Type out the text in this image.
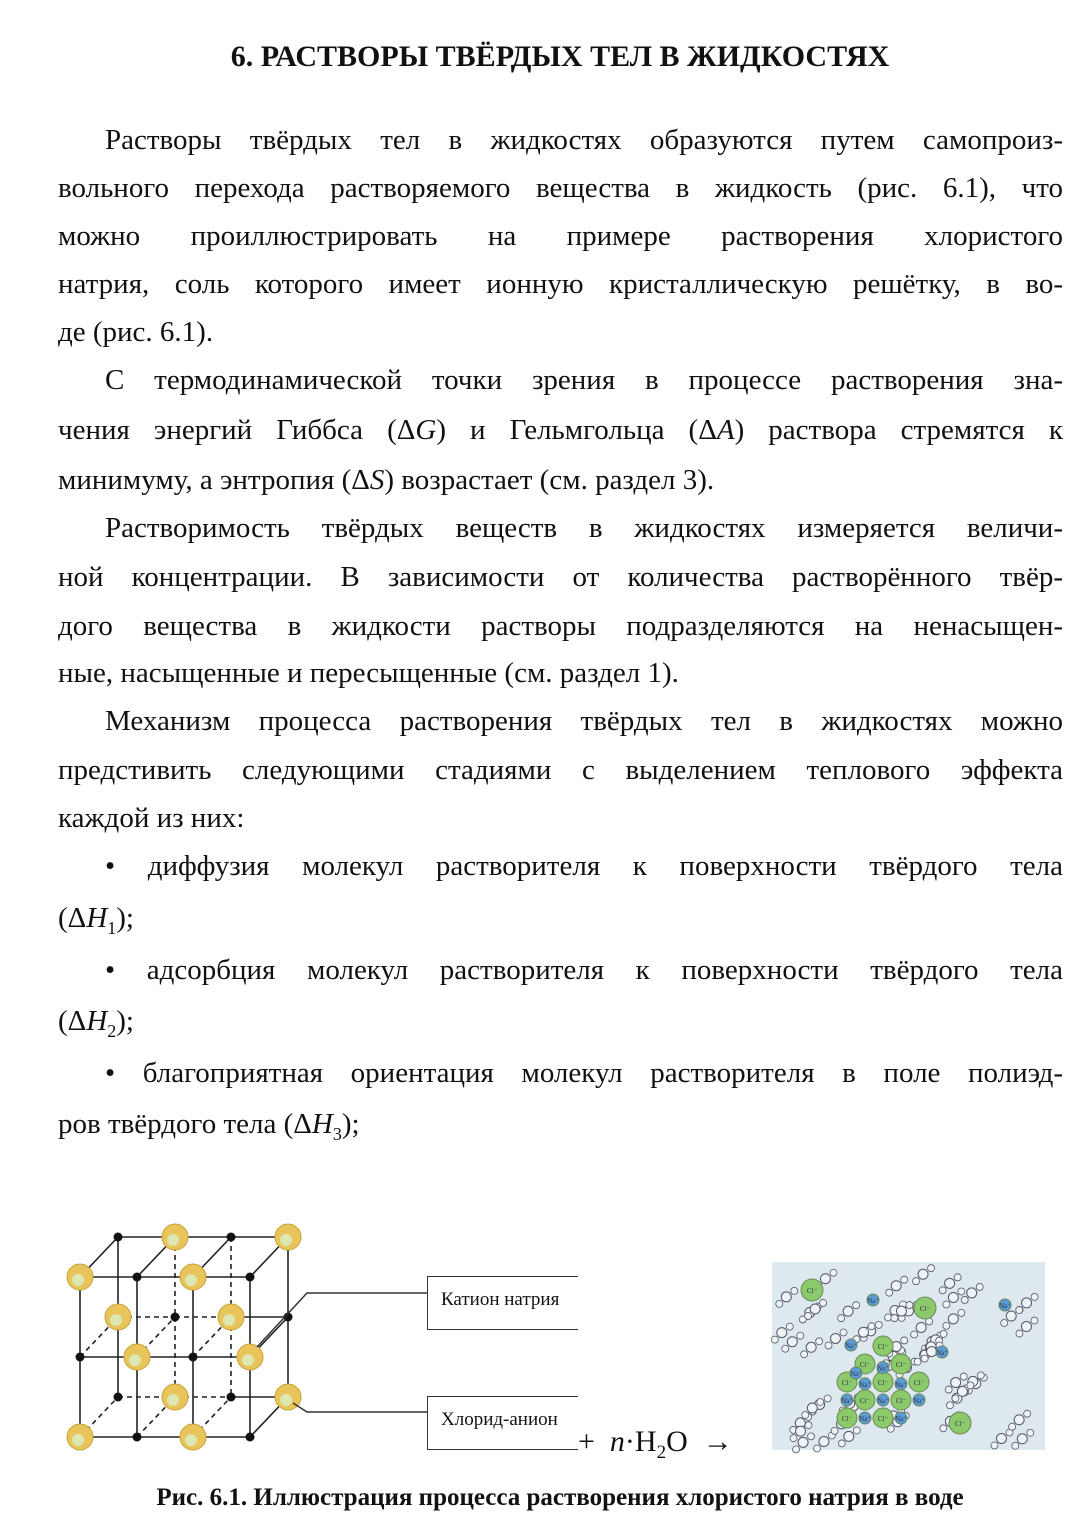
6. РАСТВОРЫ ТВЁРДЫХ ТЕЛ В ЖИДКОСТЯХ
Растворы твёрдых тел в жидкостях образуются путем самопроиз-
вольного перехода растворяемого вещества в жидкость (рис. 6.1), что
можно проиллюстрировать на примере растворения хлористого
натрия, соль которого имеет ионную кристаллическую решётку, в во-
де (рис. 6.1).
С термодинамической точки зрения в процессе растворения зна-
чения энергий Гиббса (ΔG) и Гельмгольца (ΔA) раствора стремятся к
минимуму, а энтропия (ΔS) возрастает (см. раздел 3).
Растворимость твёрдых веществ в жидкостях измеряется величи-
ной концентрации. В зависимости от количества растворённого твёр-
дого вещества в жидкости растворы подразделяются на ненасыщен-
ные, насыщенные и пересыщенные (см. раздел 1).
Механизм процесса растворения твёрдых тел в жидкостях можно
предстивить следующими стадиями с выделением теплового эффекта
каждой из них:
• диффузия молекул растворителя к поверхности твёрдого тела
$(\Delta H_1)$;
• адсорбция молекул растворителя к поверхности твёрдого тела
$(\Delta H_2)$;
• благоприятная ориентация молекул растворителя в поле полиэд-
ров твёрдого тела $(\Delta H_3)$;
Cl⁻
Cl⁻
Cl⁻
Na⁺
Na⁺
Na⁺
Na⁺	Cl⁻
Cl⁻	Cl⁻
Cl⁻	Cl⁻	Cl⁻
Cl⁻	Cl⁻
Cl⁻	Cl⁻
Na⁺
Na⁺
Na⁺	Na⁺
Na⁺	Na⁺	Na⁺
Na⁺	Na⁺
Катион натрия
Хлорид-анион
+ $n\cdot H_2O$ →
Рис. 6.1. Иллюстрация процесса растворения хлористого натрия в воде
